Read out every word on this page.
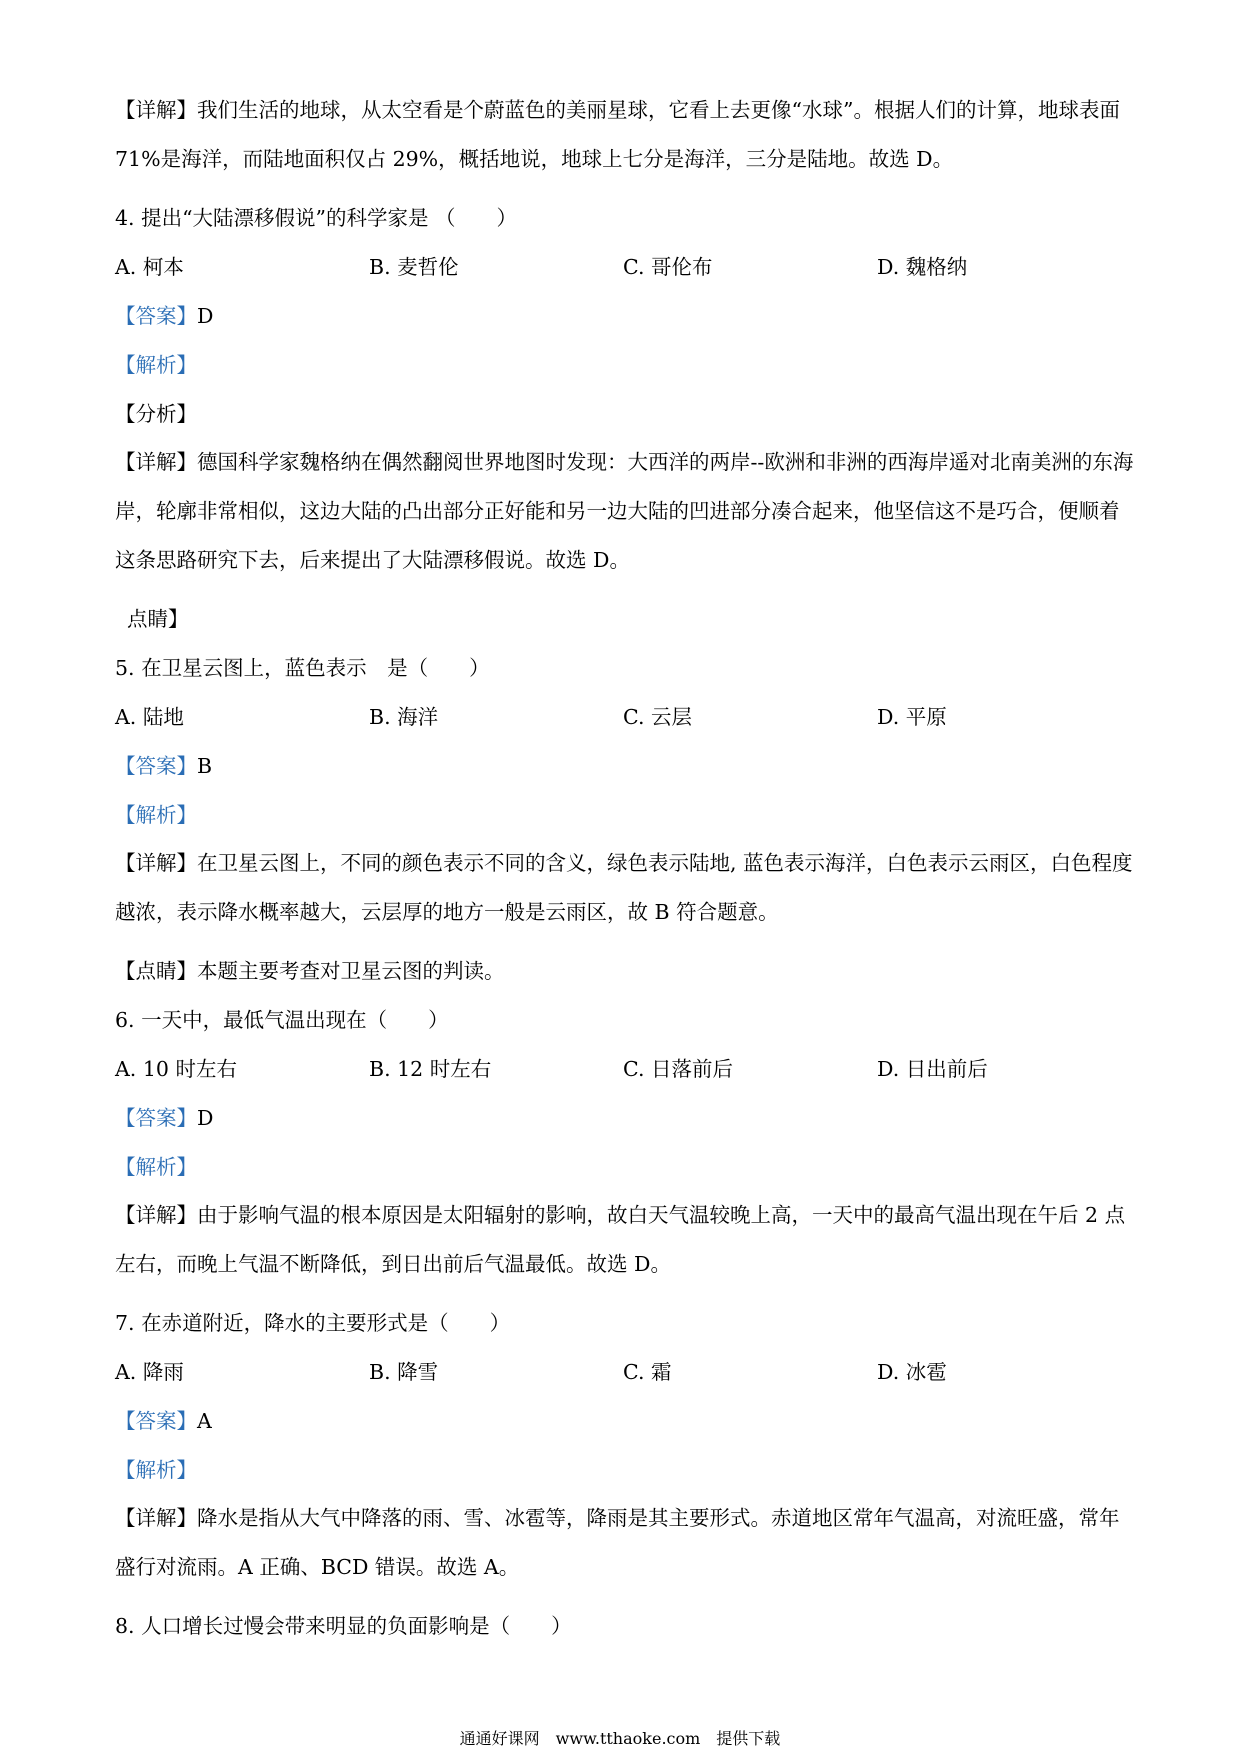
【详解】我们生活的地球，从太空看是个蔚蓝色的美丽星球，它看上去更像“水球”。根据人们的计算，地球表面 71%是海洋，而陆地面积仅占 29%，概括地说，地球上七分是海洋，三分是陆地。故选 D。
4. 提出“大陆漂移假说”的科学家是 （　　）
A. 柯本	B. 麦哲伦	C. 哥伦布	D. 魏格纳
【答案】D
【解析】
【分析】
【详解】德国科学家魏格纳在偶然翻阅世界地图时发现：大西洋的两岸--欧洲和非洲的西海岸遥对北南美洲的东海岸，轮廓非常相似，这边大陆的凸出部分正好能和另一边大陆的凹进部分凑合起来，他坚信这不是巧合，便顺着这条思路研究下去，后来提出了大陆漂移假说。故选 D。
点睛】
5. 在卫星云图上，蓝色表示　是（　　）
A. 陆地	B. 海洋	C. 云层	D. 平原
【答案】B
【解析】
【详解】在卫星云图上，不同的颜色表示不同的含义，绿色表示陆地, 蓝色表示海洋，白色表示云雨区，白色程度越浓，表示降水概率越大，云层厚的地方一般是云雨区，故 B 符合题意。
【点睛】本题主要考查对卫星云图的判读。
6. 一天中，最低气温出现在（　　）
A. 10 时左右	B. 12 时左右	C. 日落前后	D. 日出前后
【答案】D
【解析】
【详解】由于影响气温的根本原因是太阳辐射的影响，故白天气温较晚上高，一天中的最高气温出现在午后 2 点左右，而晚上气温不断降低，到日出前后气温最低。故选 D。
7. 在赤道附近，降水的主要形式是（　　）
A. 降雨	B. 降雪	C. 霜	D. 冰雹
【答案】A
【解析】
【详解】降水是指从大气中降落的雨、雪、冰雹等，降雨是其主要形式。赤道地区常年气温高，对流旺盛，常年盛行对流雨。A 正确、BCD 错误。故选 A。
8. 人口增长过慢会带来明显的负面影响是（　　）
通通好课网　www.tthaoke.com　提供下载
